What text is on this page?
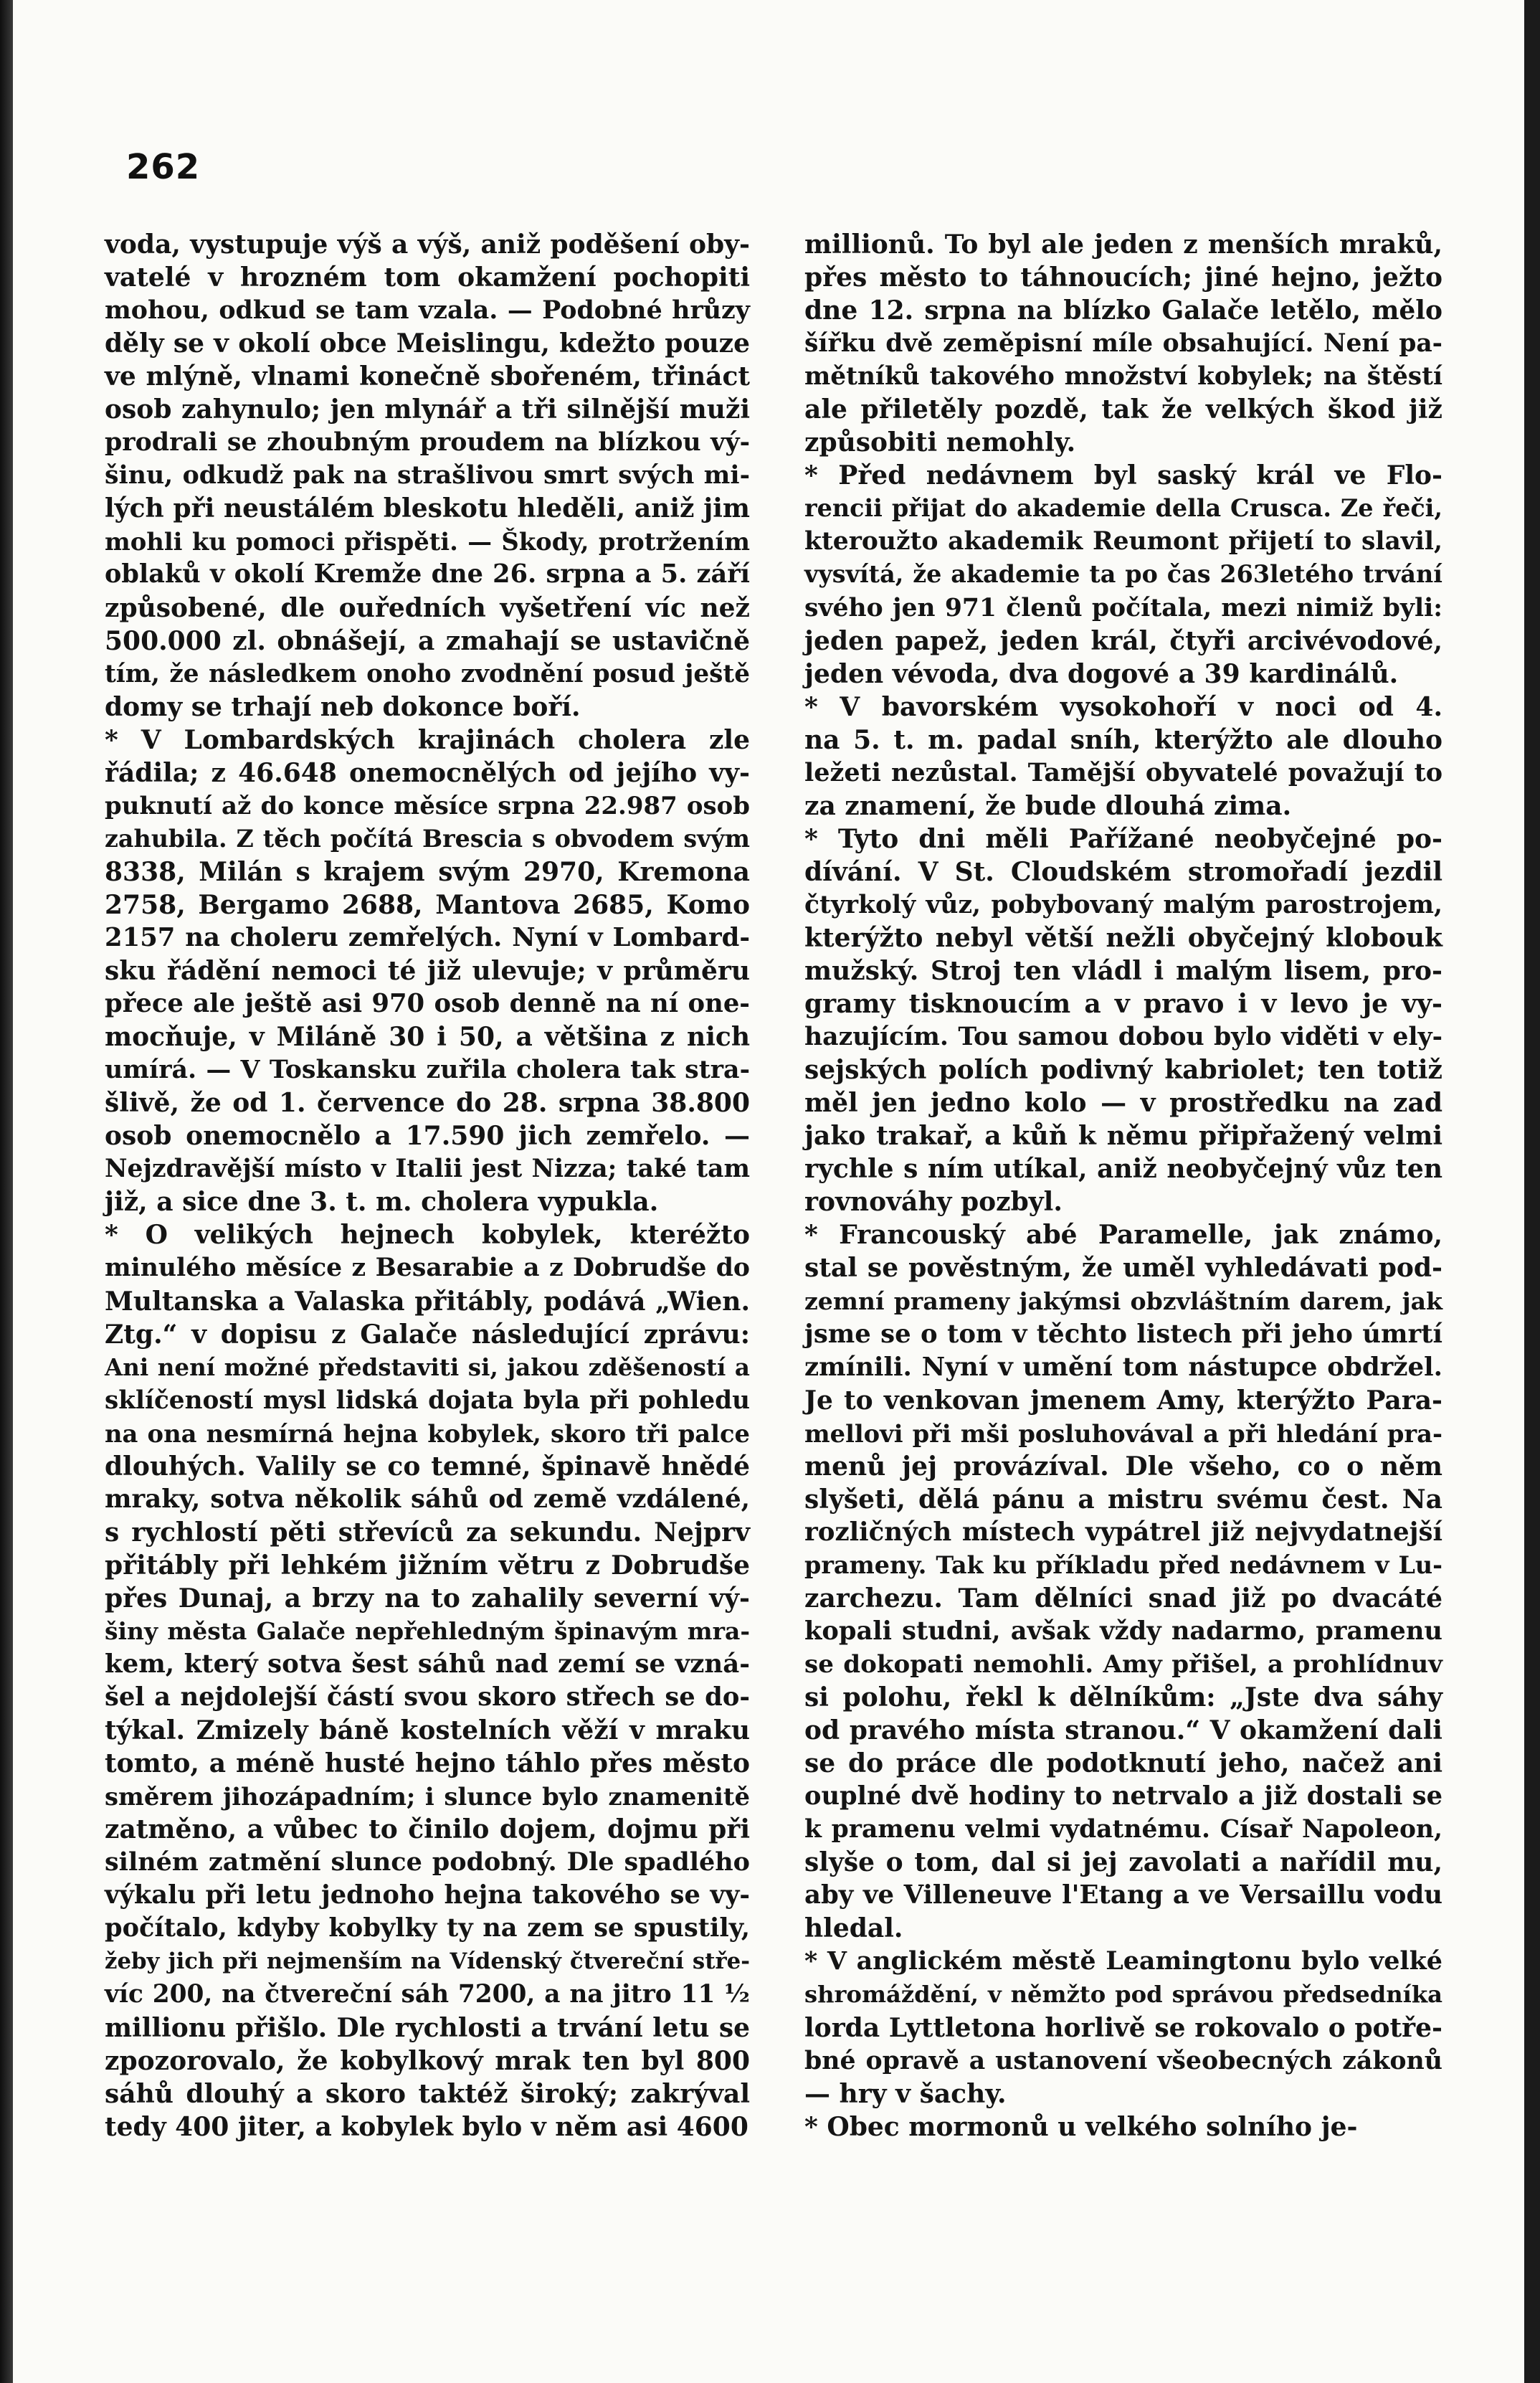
262

voda, vystupuje výš a výš, aniž poděšení oby-
vatelé v hrozném tom okamžení pochopiti
mohou, odkud se tam vzala. — Podobné hrůzy
děly se v okolí obce Meislingu, kdežto pouze
ve mlýně, vlnami konečně sbořeném, třináct
osob zahynulo; jen mlynář a tři silnější muži
prodrali se zhoubným proudem na blízkou vý-
šinu, odkudž pak na strašlivou smrt svých mi-
lých při neustálém bleskotu hleděli, aniž jim
mohli ku pomoci přispěti. — Škody, protržením
oblaků v okolí Kremže dne 26. srpna a 5. září
způsobené, dle ouředních vyšetření víc než
500.000 zl. obnášejí, a zmahají se ustavičně
tím, že následkem onoho zvodnění posud ještě
domy se trhají neb dokonce boří.

* V Lombardských krajinách cholera zle
řádila; z 46.648 onemocnělých od jejího vy-
puknutí až do konce měsíce srpna 22.987 osob
zahubila. Z těch počítá Brescia s obvodem svým
8338, Milán s krajem svým 2970, Kremona
2758, Bergamo 2688, Mantova 2685, Komo
2157 na choleru zemřelých. Nyní v Lombard-
sku řádění nemoci té již ulevuje; v průměru
přece ale ještě asi 970 osob denně na ní one-
mocňuje, v Miláně 30 i 50, a většina z nich
umírá. — V Toskansku zuřila cholera tak stra-
šlivě, že od 1. července do 28. srpna 38.800
osob onemocnělo a 17.590 jich zemřelo. —
Nejzdravější místo v Italii jest Nizza; také tam
již, a sice dne 3. t. m. cholera vypukla.

* O velikých hejnech kobylek, kteréžto
minulého měsíce z Besarabie a z Dobrudše do
Multanska a Valaska přitábly, podává „Wien.
Ztg.“ v dopisu z Galače následující zprávu:
Ani není možné představiti si, jakou zděšeností a
sklíčeností mysl lidská dojata byla při pohledu
na ona nesmírná hejna kobylek, skoro tři palce
dlouhých. Valily se co temné, špinavě hnědé
mraky, sotva několik sáhů od země vzdálené,
s rychlostí pěti střevíců za sekundu. Nejprv
přitábly při lehkém jižním větru z Dobrudše
přes Dunaj, a brzy na to zahalily severní vý-
šiny města Galače nepřehledným špinavým mra-
kem, který sotva šest sáhů nad zemí se vzná-
šel a nejdolejší částí svou skoro střech se do-
týkal. Zmizely báně kostelních věží v mraku
tomto, a méně husté hejno táhlo přes město
směrem jihozápadním; i slunce bylo znamenitě
zatměno, a vůbec to činilo dojem, dojmu při
silném zatmění slunce podobný. Dle spadlého
výkalu při letu jednoho hejna takového se vy-
počítalo, kdyby kobylky ty na zem se spustily,
žeby jich při nejmenším na Vídenský čtvereční stře-
víc 200, na čtvereční sáh 7200, a na jitro 11 ½
millionu přišlo. Dle rychlosti a trvání letu se
zpozorovalo, že kobylkový mrak ten byl 800
sáhů dlouhý a skoro taktéž široký; zakrýval
tedy 400 jiter, a kobylek bylo v něm asi 4600

millionů. To byl ale jeden z menších mraků,
přes město to táhnoucích; jiné hejno, ježto
dne 12. srpna na blízko Galače letělo, mělo
šířku dvě zeměpisní míle obsahující. Není pa-
mětníků takového množství kobylek; na štěstí
ale přiletěly pozdě, tak že velkých škod již
způsobiti nemohly.

* Před nedávnem byl saský král ve Flo-
rencii přijat do akademie della Crusca. Ze řeči,
kteroužto akademik Reumont přijetí to slavil,
vysvítá, že akademie ta po čas 263letého trvání
svého jen 971 členů počítala, mezi nimiž byli:
jeden papež, jeden král, čtyři arcivévodové,
jeden vévoda, dva dogové a 39 kardinálů.

* V bavorském vysokohoří v noci od 4.
na 5. t. m. padal sníh, kterýžto ale dlouho
ležeti nezůstal. Tamější obyvatelé považují to
za znamení, že bude dlouhá zima.

* Tyto dni měli Pařížané neobyčejné po-
dívání. V St. Cloudském stromořadí jezdil
čtyrkolý vůz, pobybovaný malým parostrojem,
kterýžto nebyl větší nežli obyčejný klobouk
mužský. Stroj ten vládl i malým lisem, pro-
gramy tisknoucím a v pravo i v levo je vy-
hazujícím. Tou samou dobou bylo viděti v ely-
sejských polích podivný kabriolet; ten totiž
měl jen jedno kolo — v prostředku na zad
jako trakař, a kůň k němu připřažený velmi
rychle s ním utíkal, aniž neobyčejný vůz ten
rovnováhy pozbyl.

* Francouský abé Paramelle, jak známo,
stal se pověstným, že uměl vyhledávati pod-
zemní prameny jakýmsi obzvláštním darem, jak
jsme se o tom v těchto listech při jeho úmrtí
zmínili. Nyní v umění tom nástupce obdržel.
Je to venkovan jmenem Amy, kterýžto Para-
mellovi při mši posluhovával a při hledání pra-
menů jej provázíval. Dle všeho, co o něm
slyšeti, dělá pánu a mistru svému čest. Na
rozličných místech vypátrel již nejvydatnejší
prameny. Tak ku příkladu před nedávnem v Lu-
zarchezu. Tam dělníci snad již po dvacáté
kopali studni, avšak vždy nadarmo, pramenu
se dokopati nemohli. Amy přišel, a prohlídnuv
si polohu, řekl k dělníkům: „Jste dva sáhy
od pravého místa stranou.“ V okamžení dali
se do práce dle podotknutí jeho, načež ani
ouplné dvě hodiny to netrvalo a již dostali se
k pramenu velmi vydatnému. Císař Napoleon,
slyše o tom, dal si jej zavolati a nařídil mu,
aby ve Villeneuve l'Etang a ve Versaillu vodu
hledal.

* V anglickém městě Leamingtonu bylo velké
shromáždění, v němžto pod správou předsedníka
lorda Lyttletona horlivě se rokovalo o potře-
bné opravě a ustanovení všeobecných zákonů
— hry v šachy.

* Obec mormonů u velkého solního je-
